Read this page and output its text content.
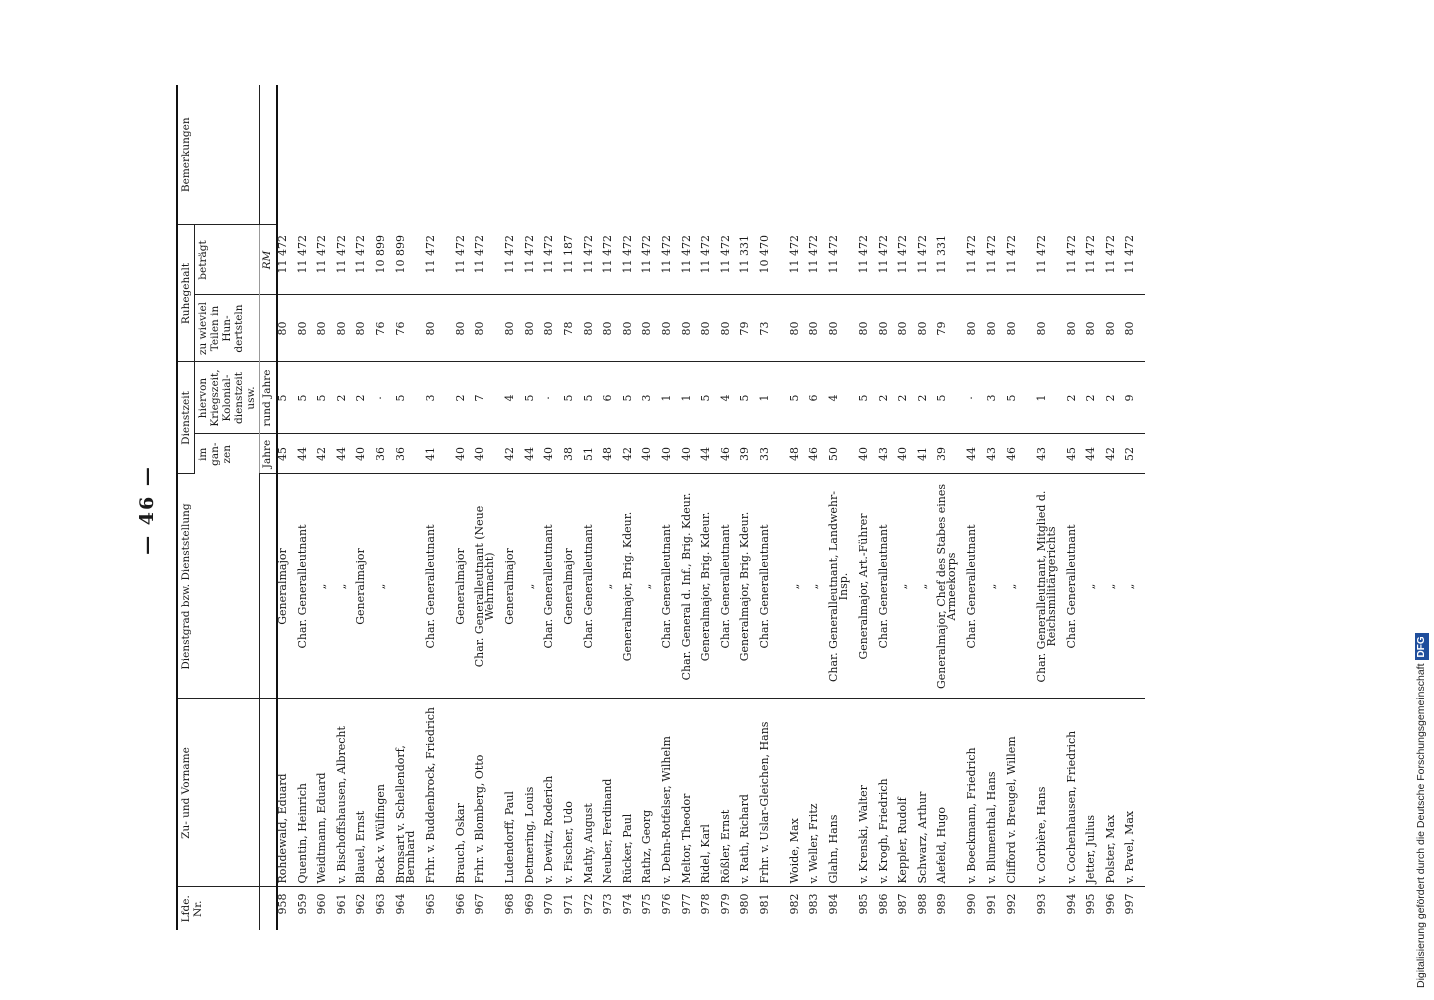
— 46 —
Lfde. Nr.	Zu- und Vorname	Dienstgrad bzw. Dienststellung	Dienstzeit		Ruhegehalt		Bemerkungen
			im gan- zen	hiervon Kriegszeit, Kolonial- dienstzeit usw.	zu wieviel Teilen in Hun- dertsteln	beträgt	
			Jahre	rund Jahre		RM	
958	Rohdewald, Eduard	Generalmajor	45	5	80	11 472	
959	Quentin, Heinrich	Char. Generalleutnant	44	5	80	11 472	
960	Weidtmann, Eduard	„	42	5	80	11 472	
961	v. Bischoffshausen, Albrecht	„	44	2	80	11 472	
962	Blauel, Ernst	Generalmajor	40	2	80	11 472	
963	Bock v. Wülfingen	„	36	·	76	10 899	
964	Bronsart v. Schellendorf, Bernhard		36	5	76	10 899	
965	Frhr. v. Buddenbrock, Friedrich	Char. Generalleutnant	41	3	80	11 472	
966	Brauch, Oskar	Generalmajor	40	2	80	11 472	
967	Frhr. v. Blomberg, Otto	Char. Generalleutnant (Neue Wehrmacht)	40	7	80	11 472	
968	Ludendorff, Paul	Generalmajor	42	4	80	11 472	
969	Detmering, Louis	„	44	5	80	11 472	
970	v. Dewitz, Roderich	Char. Generalleutnant	40	·	80	11 472	
971	v. Fischer, Udo	Generalmajor	38	5	78	11 187	
972	Mathy, August	Char. Generalleutnant	51	5	80	11 472	
973	Neuber, Ferdinand	„	48	6	80	11 472	
974	Rücker, Paul	Generalmajor, Brig. Kdeur.	42	5	80	11 472	
975	Rathz, Georg	„	40	3	80	11 472	
976	v. Dehn-Rotfelser, Wilhelm	Char. Generalleutnant	40	1	80	11 472	
977	Meltor, Theodor	Char. General d. Inf., Brig. Kdeur.	40	1	80	11 472	
978	Ridel, Karl	Generalmajor, Brig. Kdeur.	44	5	80	11 472	
979	Rößler, Ernst	Char. Generalleutnant	46	4	80	11 472	
980	v. Rath, Richard	Generalmajor, Brig. Kdeur.	39	5	79	11 331	
981	Frhr. v. Uslar-Gleichen, Hans	Char. Generalleutnant	33	1	73	10 470	
982	Woide, Max	„	48	5	80	11 472	
983	v. Weller, Fritz	„	46	6	80	11 472	
984	Glahn, Hans	Char. Generalleutnant, Landwehr-Insp.	50	4	80	11 472	
985	v. Krenski, Walter	Generalmajor, Art.-Führer	40	5	80	11 472	
986	v. Krogh, Friedrich	Char. Generalleutnant	43	2	80	11 472	
987	Keppler, Rudolf	„	40	2	80	11 472	
988	Schwarz, Arthur	„	41	2	80	11 472	
989	Alefeld, Hugo	Generalmajor, Chef des Stabes eines Armeekorps	39	5	79	11 331	
990	v. Boeckmann, Friedrich	Char. Generalleutnant	44	·	80	11 472	
991	v. Blumenthal, Hans	„	43	3	80	11 472	
992	Clifford v. Breugel, Willem	„	46	5	80	11 472	
993	v. Corbière, Hans	Char. Generalleutnant, Mitglied d. Reichsmilitärgerichts	43	1	80	11 472	
994	v. Cochenhausen, Friedrich	Char. Generalleutnant	45	2	80	11 472	
995	Jetter, Julius	„	44	2	80	11 472	
996	Polster, Max	„	42	2	80	11 472	
997	v. Pavel, Max	„	52	9	80	11 472	
Digitalisierung gefördert durch die Deutsche ForschungsgemeinschaftDFG
